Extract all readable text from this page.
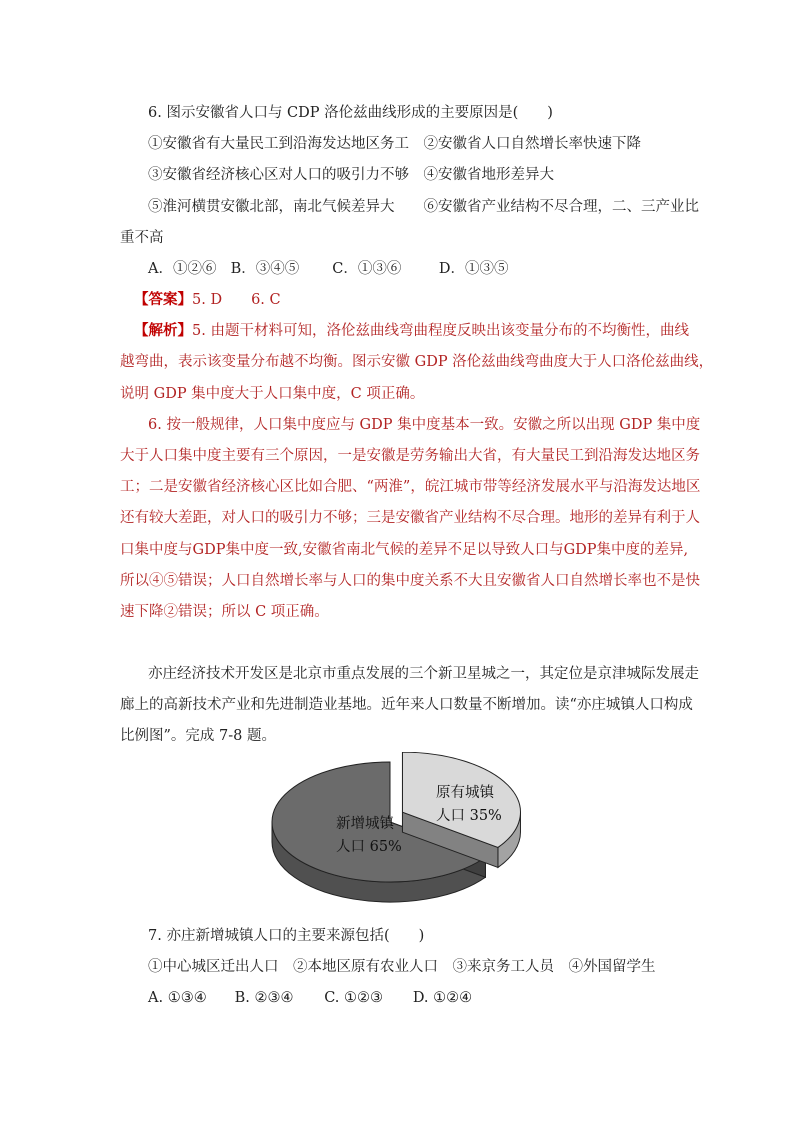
6. 图示安徽省人口与 CDP 洛伦兹曲线形成的主要原因是(　　)
①安徽省有大量民工到沿海发达地区务工　②安徽省人口自然增长率快速下降
③安徽省经济核心区对人口的吸引力不够　④安徽省地形差异大
⑤淮河横贯安徽北部，南北气候差异大　　⑥安徽省产业结构不尽合理，二、三产业比
重不高
A．①②⑥ B．③④⑤ C．①③⑥	D．①③⑤
【答案】5. D　　6. C
【解析】5. 由题干材料可知，洛伦兹曲线弯曲程度反映出该变量分布的不均衡性，曲线
越弯曲，表示该变量分布越不均衡。图示安徽 GDP 洛伦兹曲线弯曲度大于人口洛伦兹曲线，
说明 GDP 集中度大于人口集中度，C 项正确。
6. 按一般规律，人口集中度应与 GDP 集中度基本一致。安徽之所以出现 GDP 集中度
大于人口集中度主要有三个原因，一是安徽是劳务输出大省，有大量民工到沿海发达地区务
工；二是安徽省经济核心区比如合肥、“两淮”，皖江城市带等经济发展水平与沿海发达地区
还有较大差距，对人口的吸引力不够；三是安徽省产业结构不尽合理。地形的差异有利于人
口集中度与GDP集中度一致,安徽省南北气候的差异不足以导致人口与GDP集中度的差异,
所以④⑤错误；人口自然增长率与人口的集中度关系不大且安徽省人口自然增长率也不是快
速下降②错误；所以 C 项正确。
亦庄经济技术开发区是北京市重点发展的三个新卫星城之一，其定位是京津城际发展走
廊上的高新技术产业和先进制造业基地。近年来人口数量不断增加。读“亦庄城镇人口构成
比例图”。完成 7-8 题。
新增城镇
人口 65%
原有城镇
人口 35%
7. 亦庄新增城镇人口的主要来源包括(　　)
①中心城区迁出人口　②本地区原有农业人口　③来京务工人员　④外国留学生
A. ①③④ B. ②③④ C. ①②③ D. ①②④
